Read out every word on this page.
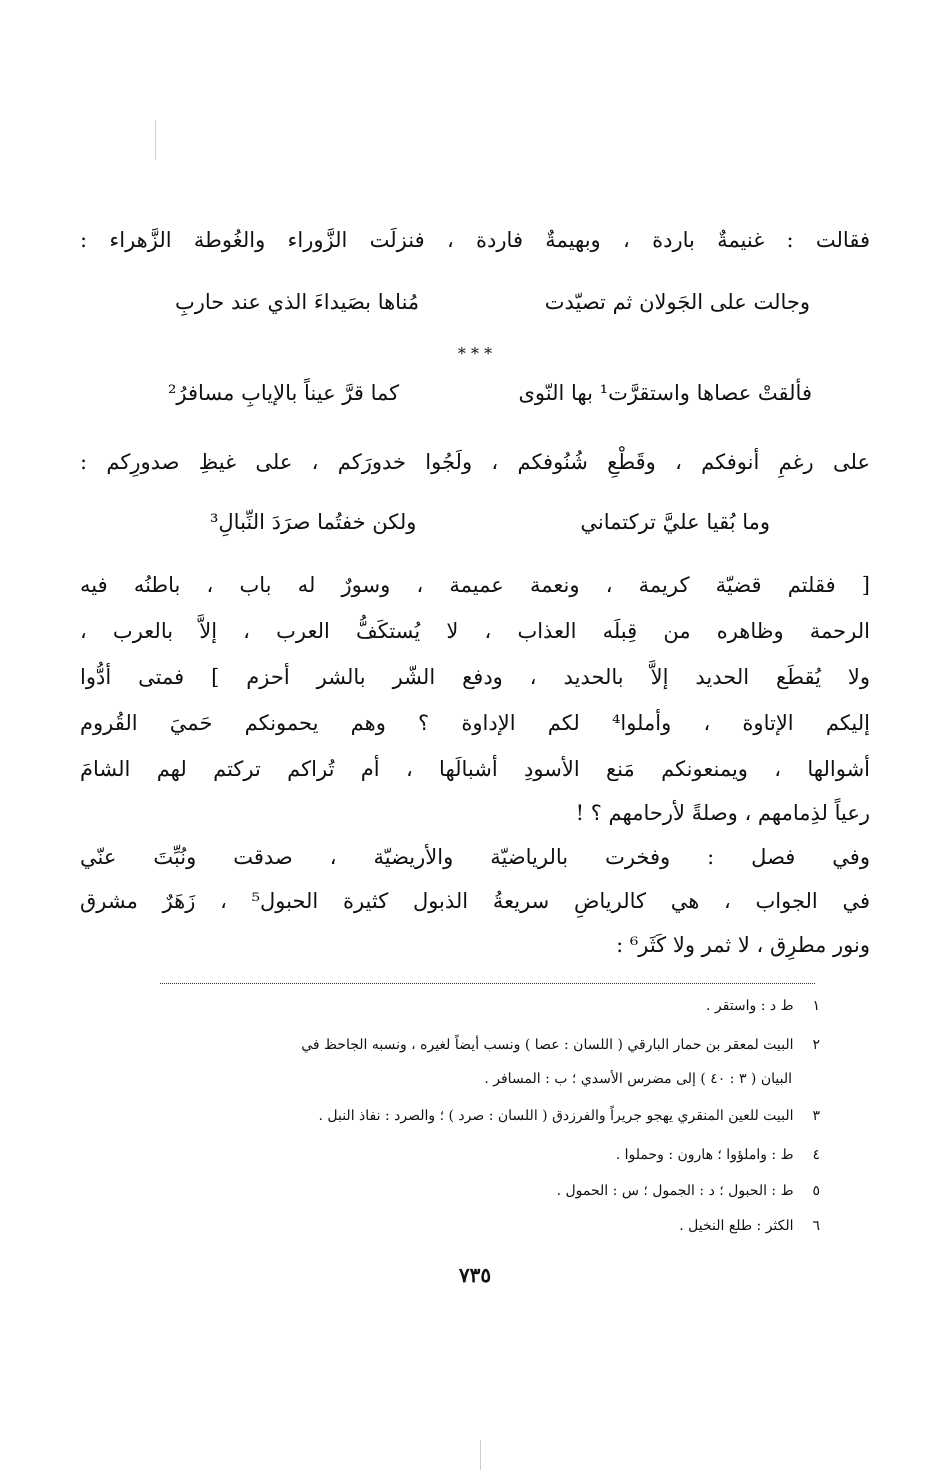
فقالت : غنيمةٌ باردة ، وبهيمةٌ فاردة ، فنزلَت الزَّوراء والغُوطة الزَّهراء :
وجالت على الجَولان ثم تصيّدت
مُناها بصَيداءَ الذي عند حاربِ
* * *
فألقتْ عصاها واستقرَّت¹ بها النّوى
كما قرَّ عيناً بالإيابِ مسافرُ²
على رغمِ أنوفكم ، وقَطْعِ شُنُوفكم ، ولَجُوا خدورَكم ، على غيظِ صدورِكم :
وما بُقيا عليَّ تركتماني
ولكن خفتُما صرَدَ النِّبالِ³
[ فقلتم قضيّة كريمة ، ونعمة عميمة ، وسورٌ له باب ، باطنُه فيه
الرحمة وظاهره من قِبلَه العذاب ، لا يُستكَفُّ العرب ، إلاَّ بالعرب ،
ولا يُقطَع الحديد إلاَّ بالحديد ، ودفع الشّر بالشر أحزم ] فمتى أدُّوا
إليكم الإتاوة ، وأملوا⁴ لكم الإداوة ؟ وهم يحمونكم حَميَ القُروم
أشوالها ، ويمنعونكم مَنع الأسودِ أشبالَها ، أم تُراكم تركتم لهم الشامَ
رعياً لذِمامهم ، وصلةً لأرحامهم ؟ !
وفي فصل : وفخرت بالرياضيّة والأريضيّة ، صدقت ونُبِّتَ عنّي
في الجواب ، هي كالرياضِ سريعةُ الذبول كثيرة الحبول⁵ ، زَهَرٌ مشرق
ونور مطرِق ، لا ثمر ولا كَثَر⁶ :
١ ط د : واستقر .
٢ البيت لمعقر بن حمار البارقي ( اللسان : عصا ) ونسب أيضاً لغيره ، ونسبه الجاحظ في
البيان ( ٣ : ٤٠ ) إلى مضرس الأسدي ؛ ب : المسافر .
٣ البيت للعين المنقري يهجو جريراً والفرزدق ( اللسان : صرد ) ؛ والصرد : نفاذ النبل .
٤ ط : واملؤوا ؛ هارون : وحملوا .
٥ ط : الحبول ؛ د : الجمول ؛ س : الحمول .
٦ الكثر : طلع النخيل .
٧٣٥
